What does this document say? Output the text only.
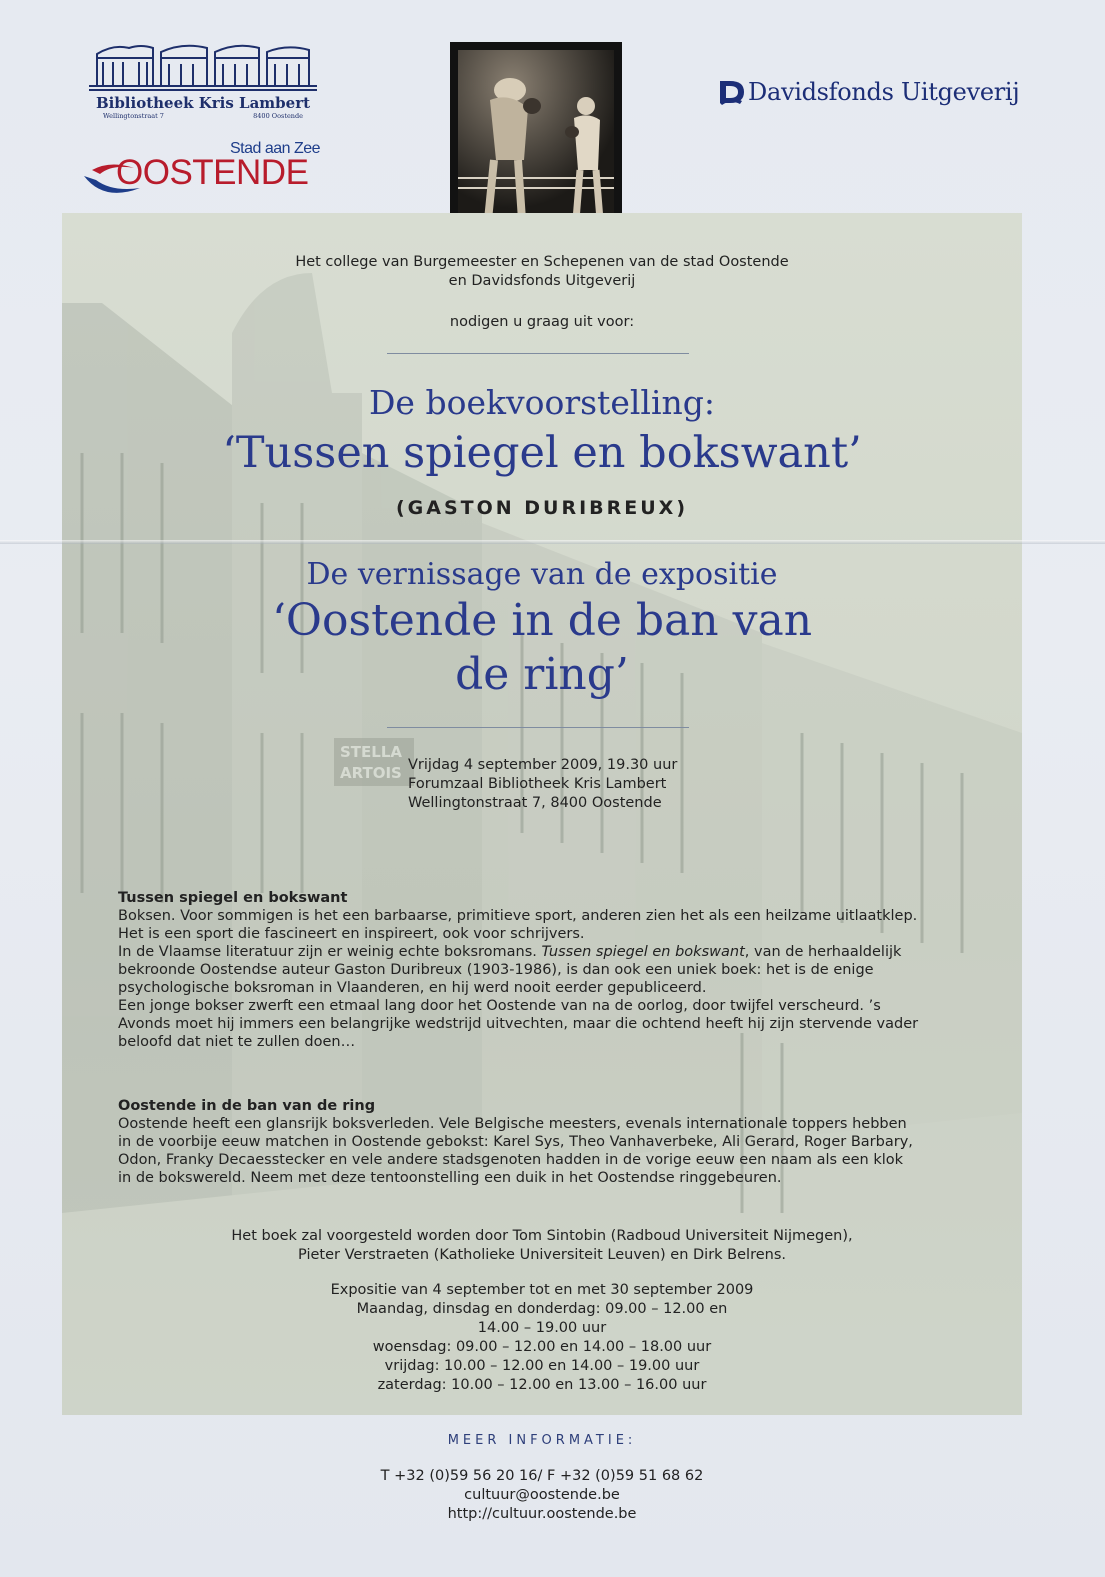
Bibliotheek Kris Lambert
Wellingtonstraat 7	8400 Oostende
Stad aan Zee
OOSTENDE
Davidsfonds Uitgeverij
STELLA
ARTOIS
Het college van Burgemeester en Schepenen van de stad Oostende
en Davidsfonds Uitgeverij
nodigen u graag uit voor:
De boekvoorstelling:
‘Tussen spiegel en bokswant’
(GASTON DURIBREUX)
De vernissage van de expositie
‘Oostende in de ban van
de ring’
Vrijdag 4 september 2009, 19.30 uur
Forumzaal Bibliotheek Kris Lambert
Wellingtonstraat 7, 8400 Oostende
Tussen spiegel en bokswant
Boksen. Voor sommigen is het een barbaarse, primitieve sport, anderen zien het als een heilzame uitlaatklep.
Het is een sport die fascineert en inspireert, ook voor schrijvers.
In de Vlaamse literatuur zijn er weinig echte boksromans. Tussen spiegel en bokswant, van de herhaaldelijk
bekroonde Oostendse auteur Gaston Duribreux (1903-1986), is dan ook een uniek boek: het is de enige
psychologische boksroman in Vlaanderen, en hij werd nooit eerder gepubliceerd.
Een jonge bokser zwerft een etmaal lang door het Oostende van na de oorlog, door twijfel verscheurd. ’s
Avonds moet hij immers een belangrijke wedstrijd uitvechten, maar die ochtend heeft hij zijn stervende vader
beloofd dat niet te zullen doen…
Oostende in de ban van de ring
Oostende heeft een glansrijk boksverleden. Vele Belgische meesters, evenals internationale toppers hebben
in de voorbije eeuw matchen in Oostende gebokst: Karel Sys, Theo Vanhaverbeke, Ali Gerard, Roger Barbary,
Odon, Franky Decaesstecker en vele andere stadsgenoten hadden in de vorige eeuw een naam als een klok
in de bokswereld. Neem met deze tentoonstelling een duik in het Oostendse ringgebeuren.
Het boek zal voorgesteld worden door Tom Sintobin (Radboud Universiteit Nijmegen),
Pieter Verstraeten (Katholieke Universiteit Leuven) en Dirk Belrens.
Expositie van 4 september tot en met 30 september 2009
Maandag, dinsdag en donderdag: 09.00 – 12.00 en
14.00 – 19.00 uur
woensdag: 09.00 – 12.00 en 14.00 – 18.00 uur
vrijdag: 10.00 – 12.00 en 14.00 – 19.00 uur
zaterdag: 10.00 – 12.00 en 13.00 – 16.00 uur
MEER INFORMATIE:
T +32 (0)59 56 20 16/ F +32 (0)59 51 68 62
cultuur@oostende.be
http://cultuur.oostende.be
